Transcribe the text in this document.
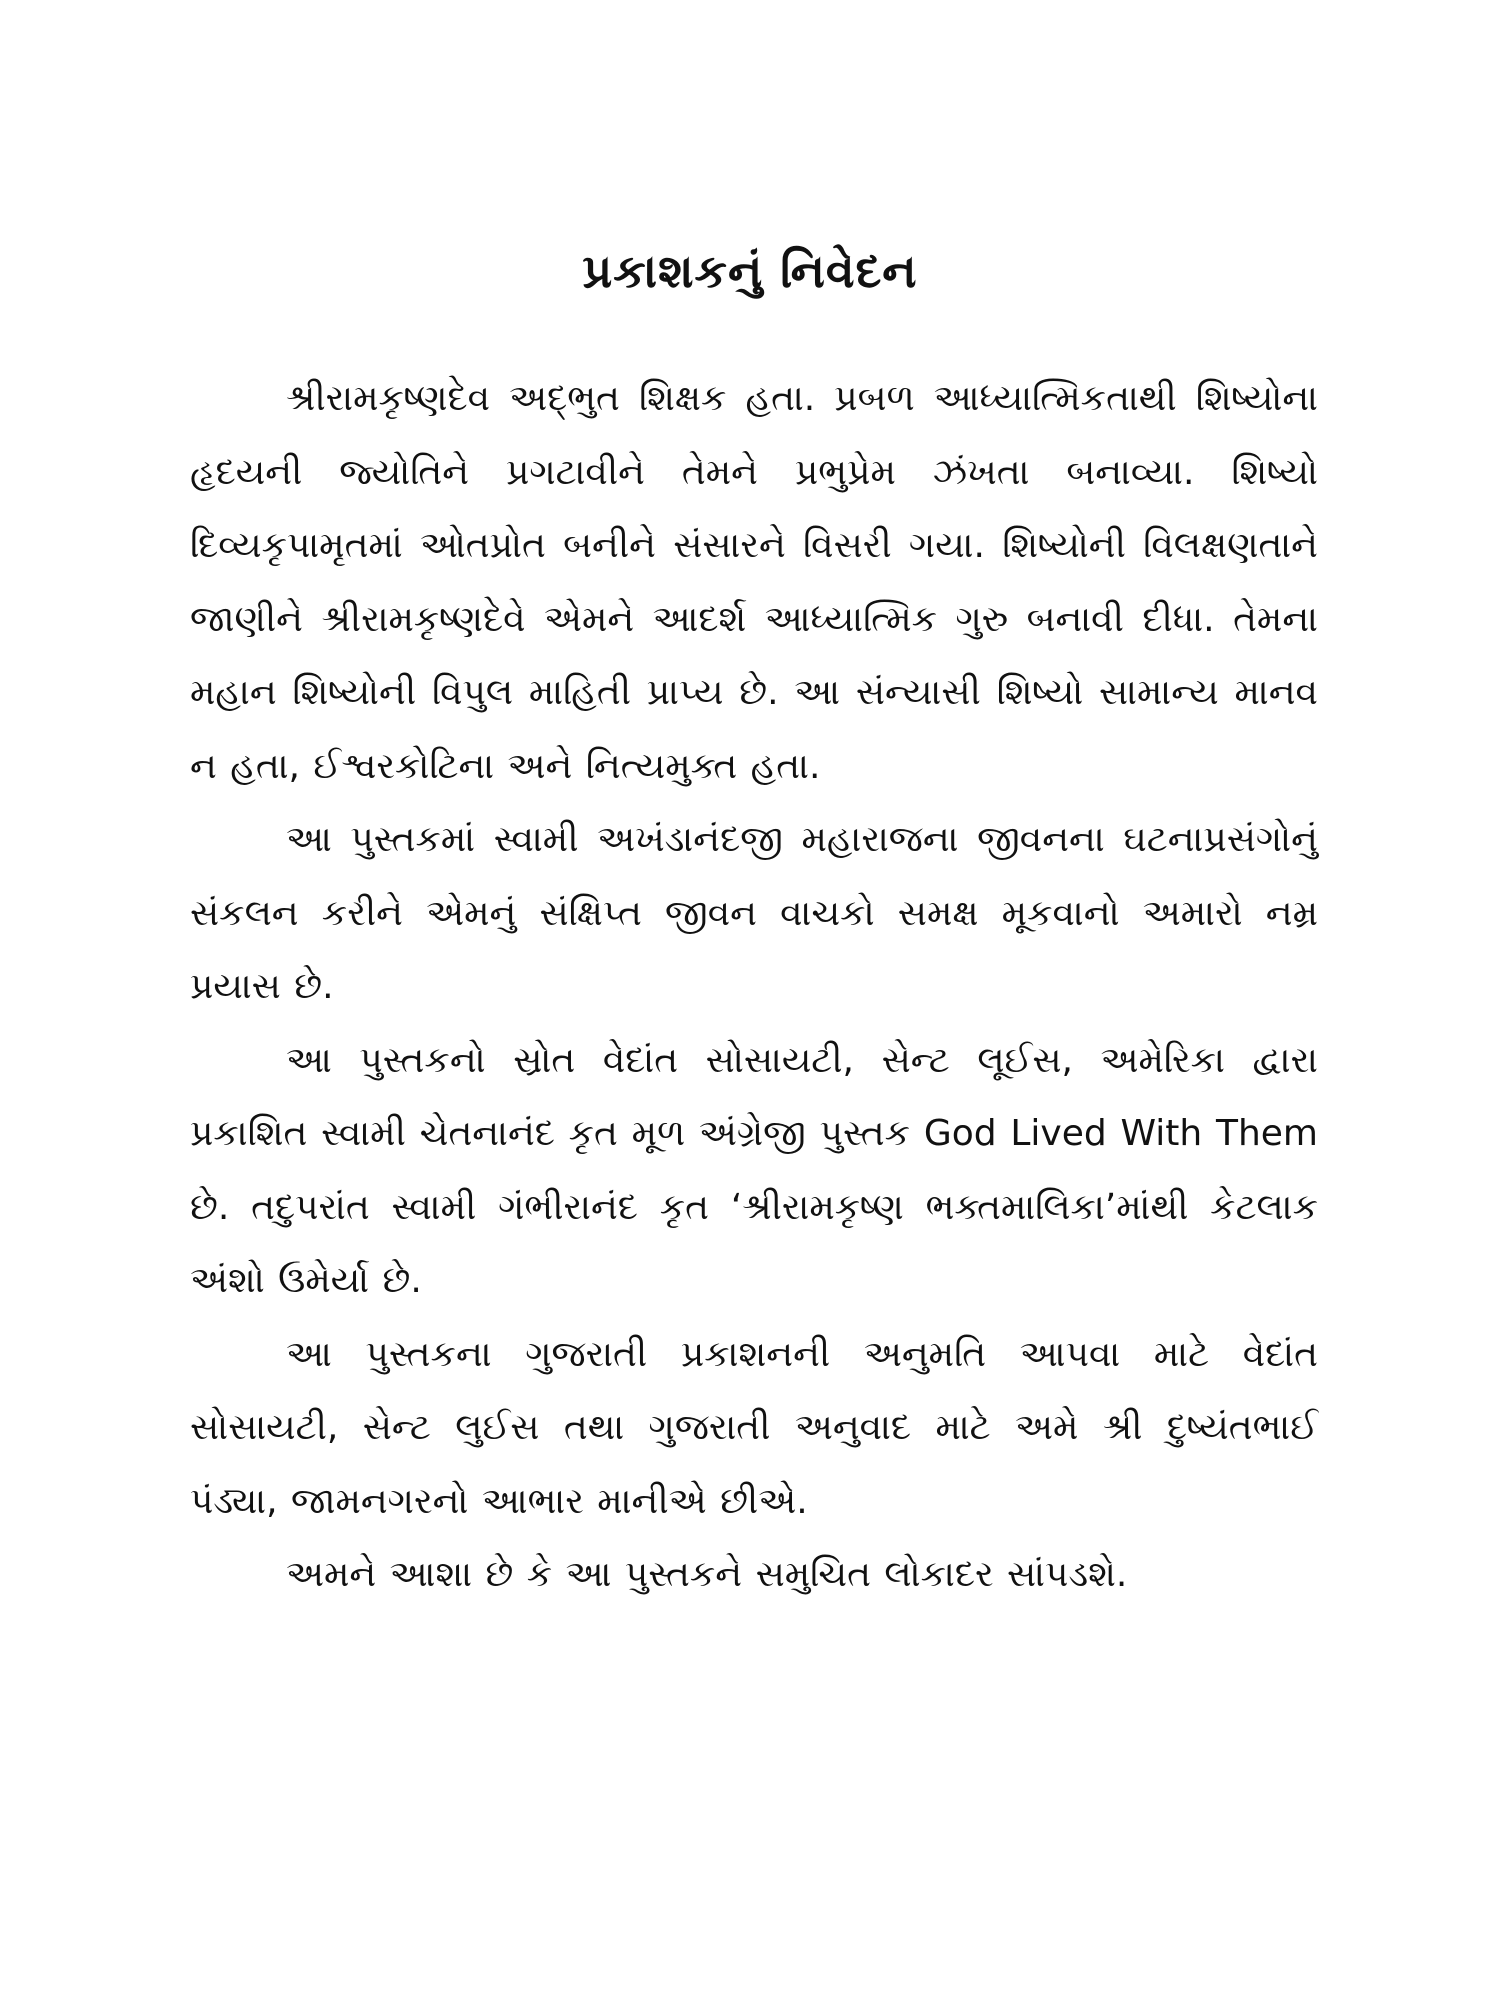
પ્રકાશકનું નિવેદન

શ્રીરામકૃષ્ણદેવ અદ્ભુત શિક્ષક હતા. પ્રબળ આધ્યાત્મિકતાથી શિષ્યોના હૃદયની જ્યોતિને પ્રગટાવીને તેમને પ્રભુપ્રેમ ઝંખતા બનાવ્યા. શિષ્યો દિવ્યકૃપામૃતમાં ઓતપ્રોત બનીને સંસારને વિસરી ગયા. શિષ્યોની વિલક્ષણતાને જાણીને શ્રીરામકૃષ્ણદેવે એમને આદર્શ આધ્યાત્મિક ગુરુ બનાવી દીધા. તેમના મહાન શિષ્યોની વિપુલ માહિતી પ્રાપ્ય છે. આ સંન્યાસી શિષ્યો સામાન્ય માનવ ન હતા, ઈશ્વરકોટિના અને નિત્યમુક્ત હતા.

આ પુસ્તકમાં સ્વામી અખંડાનંદજી મહારાજના જીવનના ઘટનાપ્રસંગોનું સંકલન કરીને એમનું સંક્ષિપ્ત જીવન વાચકો સમક્ષ મૂકવાનો અમારો નમ્ર પ્રયાસ છે.

આ પુસ્તકનો સ્રોત વેદાંત સોસાયટી, સેન્ટ લૂઈસ, અમેરિકા દ્વારા પ્રકાશિત સ્વામી ચેતનાનંદ કૃત મૂળ અંગ્રેજી પુસ્તક God Lived With Them છે. તદુપરાંત સ્વામી ગંભીરાનંદ કૃત ‘શ્રીરામકૃષ્ણ ભક્તમાલિકા’માંથી કેટલાક અંશો ઉમેર્યા છે.

આ પુસ્તકના ગુજરાતી પ્રકાશનની અનુમતિ આપવા માટે વેદાંત સોસાયટી, સેન્ટ લુઈસ તથા ગુજરાતી અનુવાદ માટે અમે શ્રી દુષ્યંતભાઈ પંડ્યા, જામનગરનો આભાર માનીએ છીએ.

અમને આશા છે કે આ પુસ્તકને સમુચિત લોકાદર સાંપડશે.
